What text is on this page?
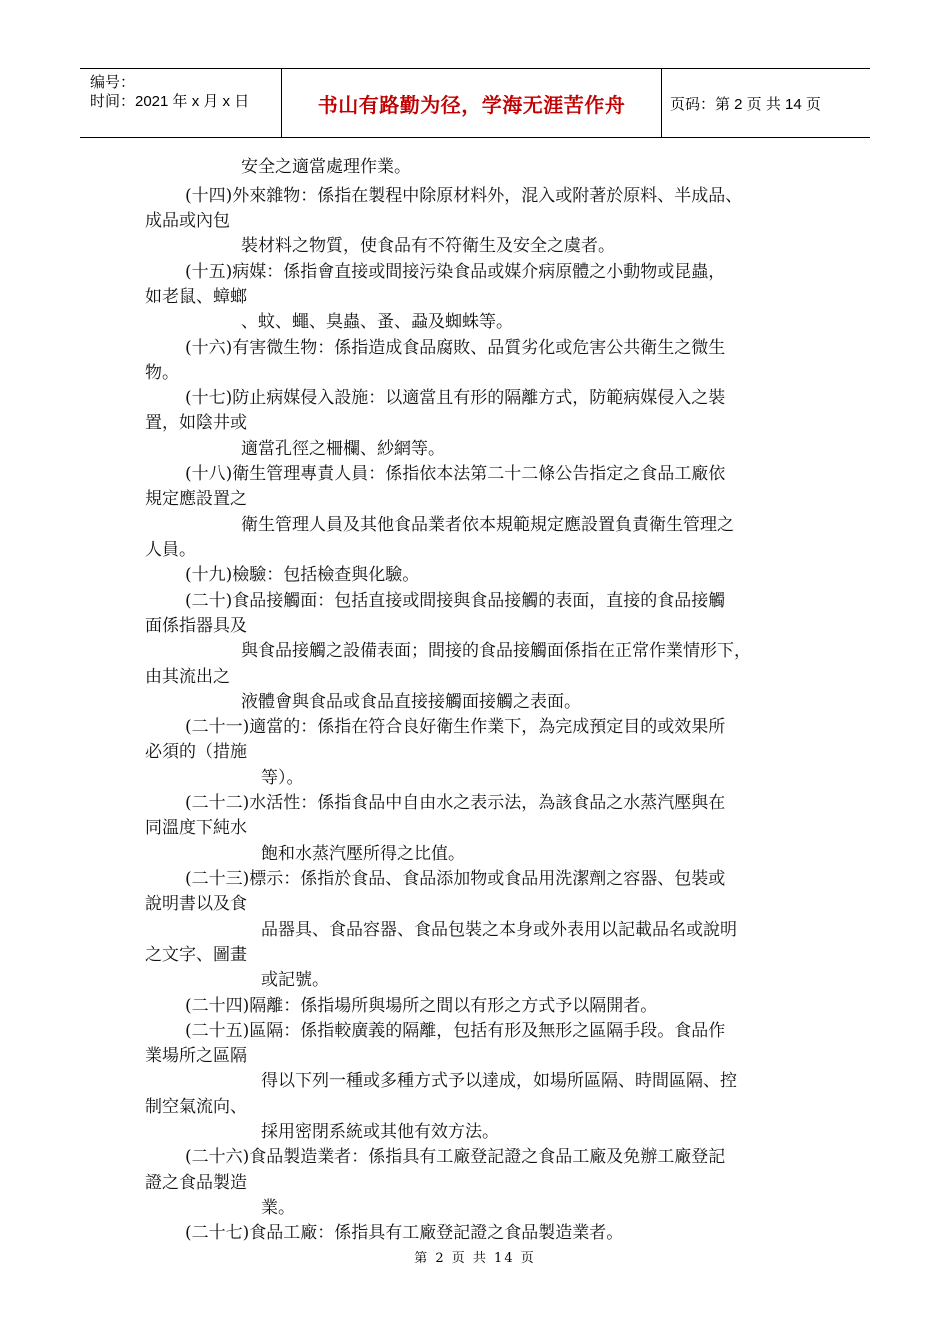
编号：
时间：2021 年 x 月 x 日	书山有路勤为径，学海无涯苦作舟	页码：第 2 页 共 14 页
安全之適當處理作業。
(十四)外來雜物：係指在製程中除原材料外，混入或附著於原料、半成品、
成品或內包
裝材料之物質，使食品有不符衛生及安全之虞者。
(十五)病媒：係指會直接或間接污染食品或媒介病原體之小動物或昆蟲，
如老鼠、蟑螂
、蚊、蠅、臭蟲、蚤、蝨及蜘蛛等。
(十六)有害微生物：係指造成食品腐敗、品質劣化或危害公共衛生之微生
物。
(十七)防止病媒侵入設施：以適當且有形的隔離方式，防範病媒侵入之裝
置，如陰井或
適當孔徑之柵欄、紗網等。
(十八)衛生管理專責人員：係指依本法第二十二條公告指定之食品工廠依
規定應設置之
衛生管理人員及其他食品業者依本規範規定應設置負責衛生管理之
人員。
(十九)檢驗：包括檢查與化驗。
(二十)食品接觸面：包括直接或間接與食品接觸的表面，直接的食品接觸
面係指器具及
與食品接觸之設備表面；間接的食品接觸面係指在正常作業情形下，
由其流出之
液體會與食品或食品直接接觸面接觸之表面。
(二十一)適當的：係指在符合良好衛生作業下，為完成預定目的或效果所
必須的（措施
等）。
(二十二)水活性：係指食品中自由水之表示法，為該食品之水蒸汽壓與在
同溫度下純水
飽和水蒸汽壓所得之比值。
(二十三)標示：係指於食品、食品添加物或食品用洗潔劑之容器、包裝或
說明書以及食
品器具、食品容器、食品包裝之本身或外表用以記載品名或說明
之文字、圖畫
或記號。
(二十四)隔離：係指場所與場所之間以有形之方式予以隔開者。
(二十五)區隔：係指較廣義的隔離，包括有形及無形之區隔手段。食品作
業場所之區隔
得以下列一種或多種方式予以達成，如場所區隔、時間區隔、控
制空氣流向、
採用密閉系統或其他有效方法。
(二十六)食品製造業者：係指具有工廠登記證之食品工廠及免辦工廠登記
證之食品製造
業。
(二十七)食品工廠：係指具有工廠登記證之食品製造業者。
第 2 页 共 14 页
